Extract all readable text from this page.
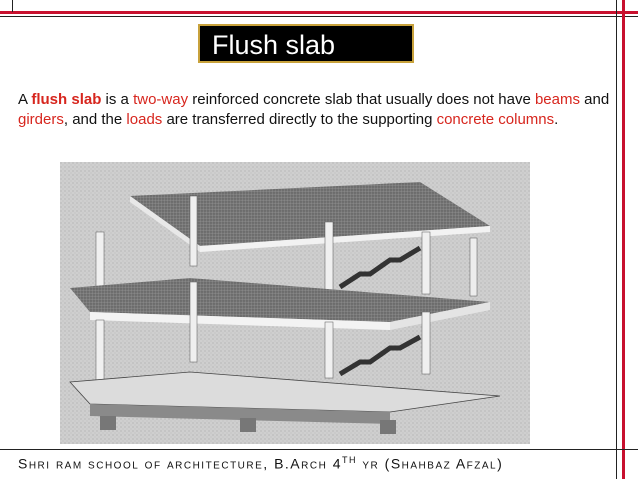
Flush slab
A flush slab is a two-way reinforced concrete slab that usually does not have beams and girders, and the loads are transferred directly to the supporting concrete columns.
Shri ram school of architecture, B.Arch 4TH yr (Shahbaz Afzal)
